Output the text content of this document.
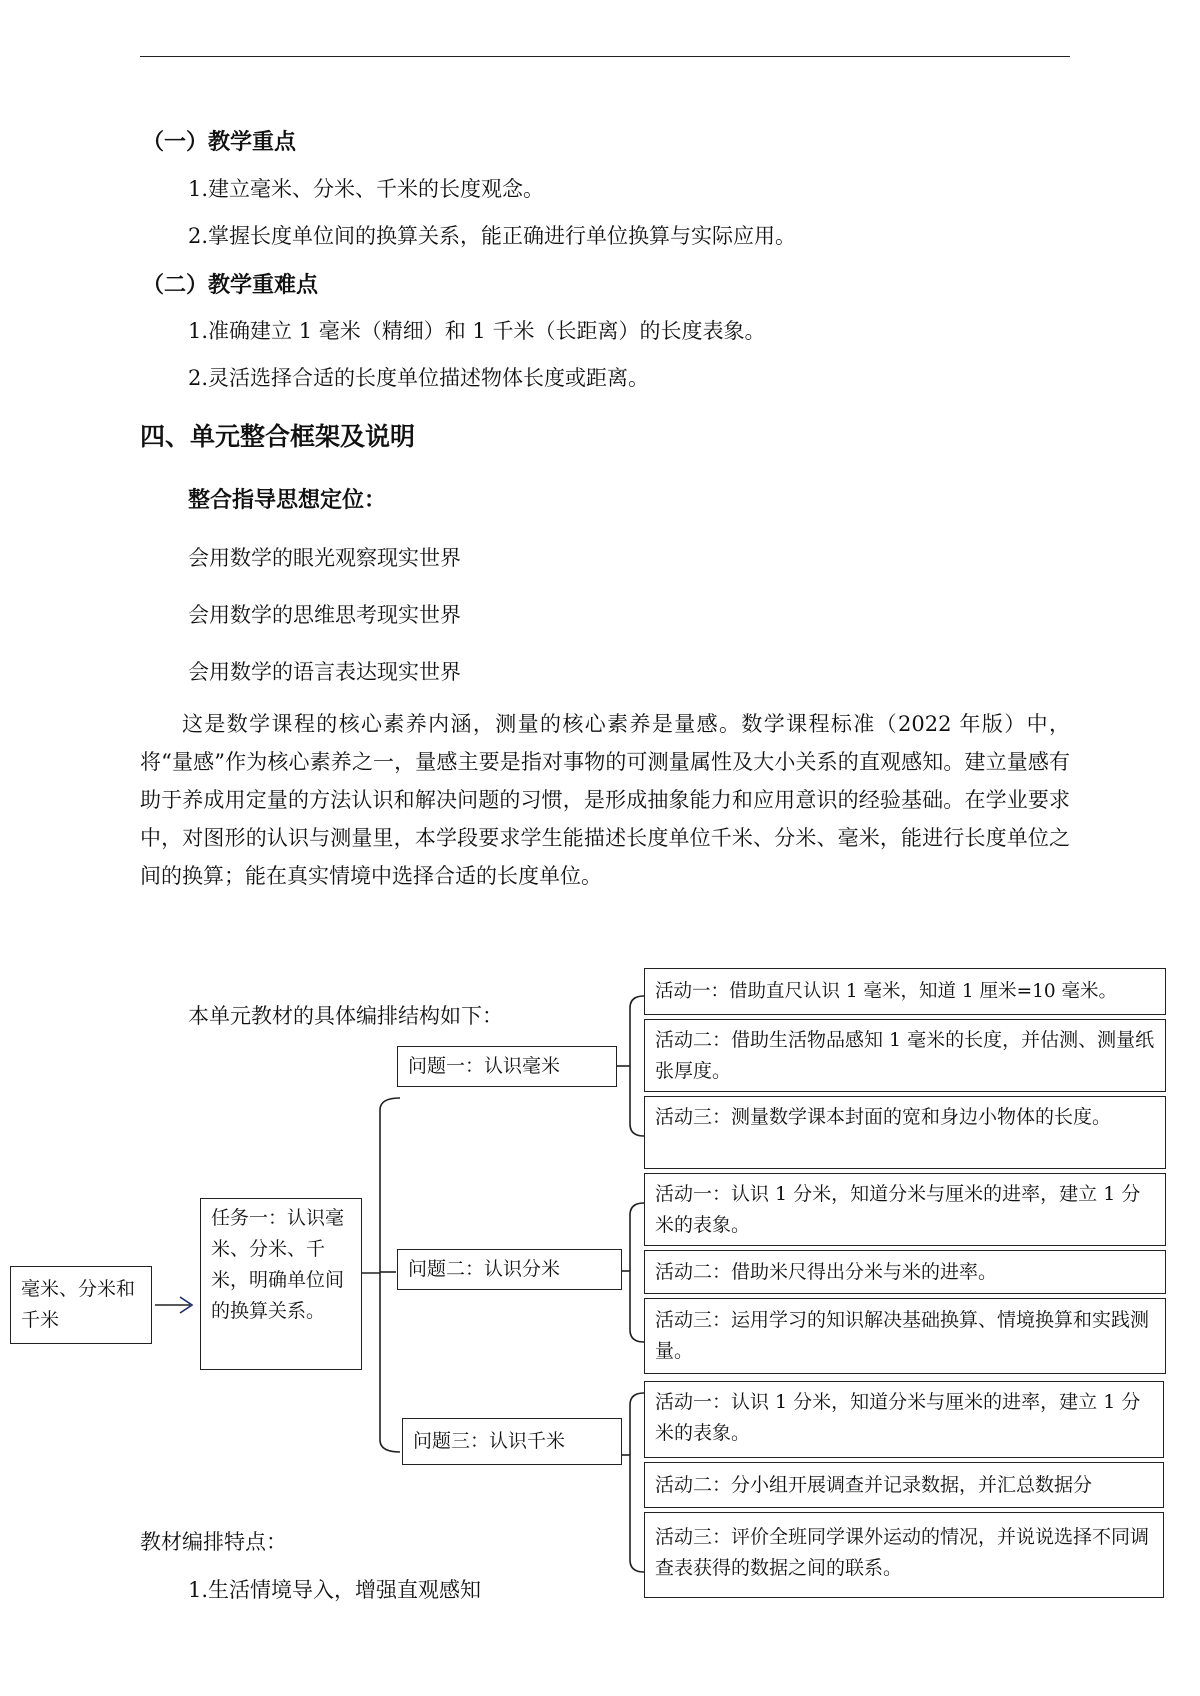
（一）教学重点

1.建立毫米、分米、千米的长度观念。

2.掌握长度单位间的换算关系，能正确进行单位换算与实际应用。

（二）教学重难点

1.准确建立 1 毫米（精细）和 1 千米（长距离）的长度表象。

2.灵活选择合适的长度单位描述物体长度或距离。

四、单元整合框架及说明
整合指导思想定位：

会用数学的眼光观察现实世界

会用数学的思维思考现实世界

会用数学的语言表达现实世界

这是数学课程的核心素养内涵，测量的核心素养是量感。数学课程标准（2022 年版）中，将“量感”作为核心素养之一，量感主要是指对事物的可测量属性及大小关系的直观感知。建立量感有助于养成用定量的方法认识和解决问题的习惯，是形成抽象能力和应用意识的经验基础。在学业要求中，对图形的认识与测量里，本学段要求学生能描述长度单位千米、分米、毫米，能进行长度单位之间的换算；能在真实情境中选择合适的长度单位。

本单元教材的具体编排结构如下：

毫米、分米和千米
任务一：认识毫米、分米、千米，明确单位间的换算关系。
问题一：认识毫米
问题二：认识分米
问题三：认识千米
活动一：借助直尺认识 1 毫米，知道 1 厘米=10 毫米。
活动二：借助生活物品感知 1 毫米的长度，并估测、测量纸张厚度。
活动三：测量数学课本封面的宽和身边小物体的长度。
活动一：认识 1 分米，知道分米与厘米的进率，建立 1 分米的表象。
活动二：借助米尺得出分米与米的进率。
活动三：运用学习的知识解决基础换算、情境换算和实践测量。
活动一：认识 1 分米，知道分米与厘米的进率，建立 1 分米的表象。
活动二：分小组开展调查并记录数据，并汇总数据分
活动三：评价全班同学课外运动的情况，并说说选择不同调查表获得的数据之间的联系。

教材编排特点：

1.生活情境导入，增强直观感知
